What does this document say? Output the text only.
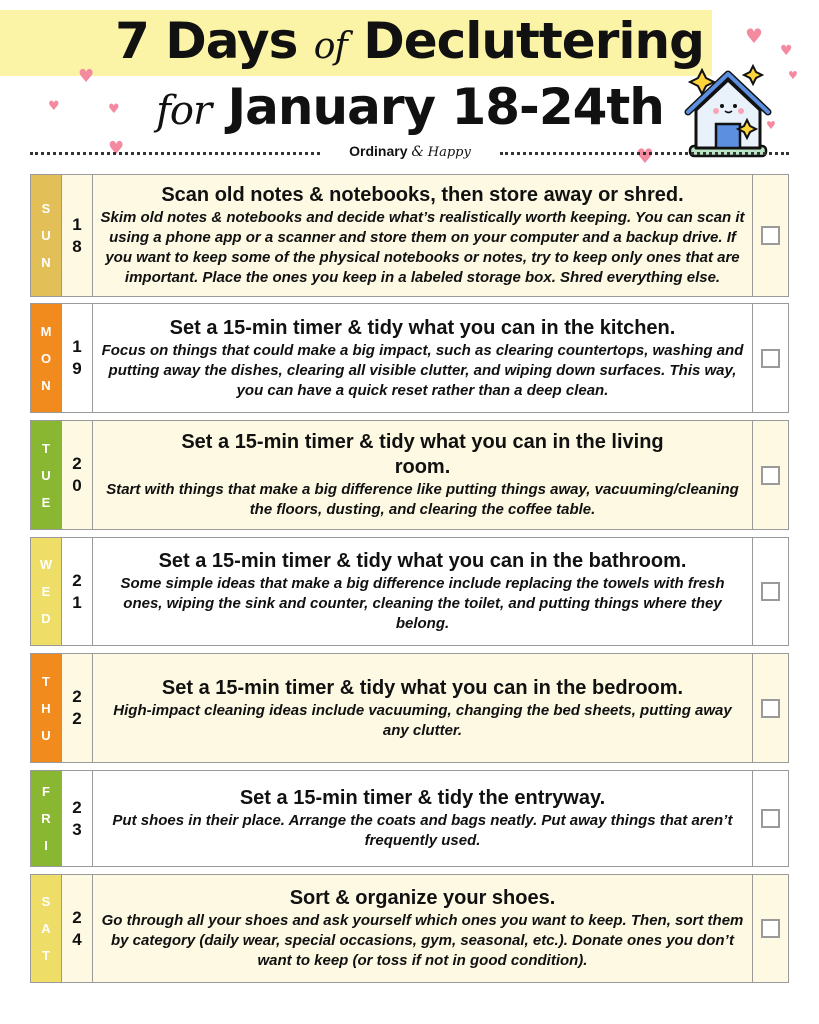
7 Days of Decluttering
for January 18-24th
♥
♥	♥
♥
♥
♥
♥
♥	♥
Ordinary & Happy
S
U
N
1
8
Scan old notes & notebooks, then store away or shred.
Skim old notes & notebooks and decide what’s realistically worth keeping. You can scan it using a phone app or a scanner and store them on your computer and a backup drive. If you want to keep some of the physical notebooks or notes, try to keep only ones that are important. Place the ones you keep in a labeled storage box. Shred everything else.
M
O
N
1
9
Set a 15-min timer & tidy what you can in the kitchen.
Focus on things that could make a big impact, such as clearing countertops, washing and putting away the dishes, clearing all visible clutter, and wiping down surfaces. This way, you can have a quick reset rather than a deep clean.
T
U
E
2
0
Set a 15-min timer & tidy what you can in the living room.
Start with things that make a big difference like putting things away, vacuuming/cleaning the floors, dusting, and clearing the coffee table.
W
E
D
2
1
Set a 15-min timer & tidy what you can in the bathroom.
Some simple ideas that make a big difference include replacing the towels with fresh ones, wiping the sink and counter, cleaning the toilet, and putting things where they belong.
T
H
U
2
2
Set a 15-min timer & tidy what you can in the bedroom.
High-impact cleaning ideas include vacuuming, changing the bed sheets, putting away any clutter.
F
R
I
2
3
Set a 15-min timer & tidy the entryway.
Put shoes in their place. Arrange the coats and bags neatly. Put away things that aren’t frequently used.
S
A
T
2
4
Sort & organize your shoes.
Go through all your shoes and ask yourself which ones you want to keep. Then, sort them by category (daily wear, special occasions, gym, seasonal, etc.). Donate ones you don’t want to keep (or toss if not in good condition).
